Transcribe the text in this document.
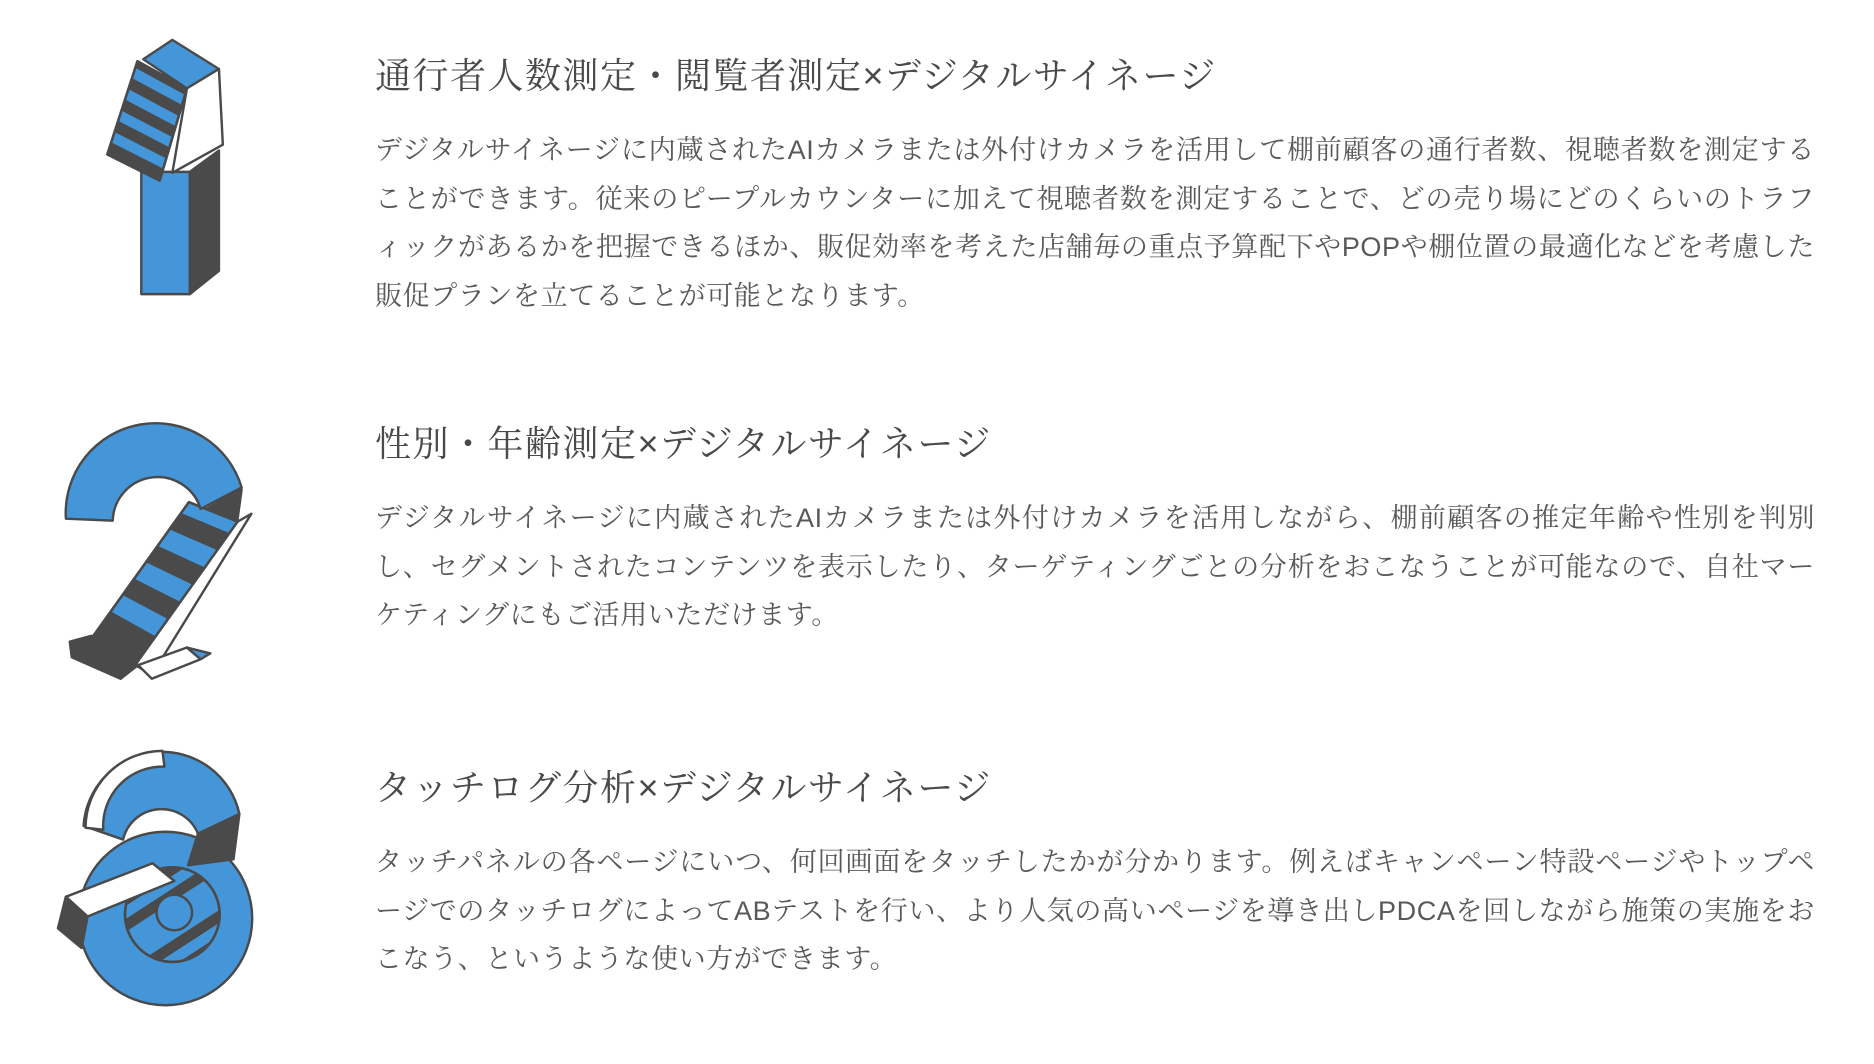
通行者人数測定・閲覧者測定×デジタルサイネージ

デジタルサイネージに内蔵されたAIカメラまたは外付けカメラを活用して棚前顧客の通行者数、視聴者数を測定することができます。従来のピープルカウンターに加えて視聴者数を測定することで、どの売り場にどのくらいのトラフィックがあるかを把握できるほか、販促効率を考えた店舗毎の重点予算配下やPOPや棚位置の最適化などを考慮した販促プランを立てることが可能となります。

性別・年齢測定×デジタルサイネージ

デジタルサイネージに内蔵されたAIカメラまたは外付けカメラを活用しながら、棚前顧客の推定年齢や性別を判別し、セグメントされたコンテンツを表示したり、ターゲティングごとの分析をおこなうことが可能なので、自社マーケティングにもご活用いただけます。

タッチログ分析×デジタルサイネージ

タッチパネルの各ページにいつ、何回画面をタッチしたかが分かります。例えばキャンペーン特設ページやトップページでのタッチログによってABテストを行い、より人気の高いページを導き出しPDCAを回しながら施策の実施をおこなう、というような使い方ができます。
